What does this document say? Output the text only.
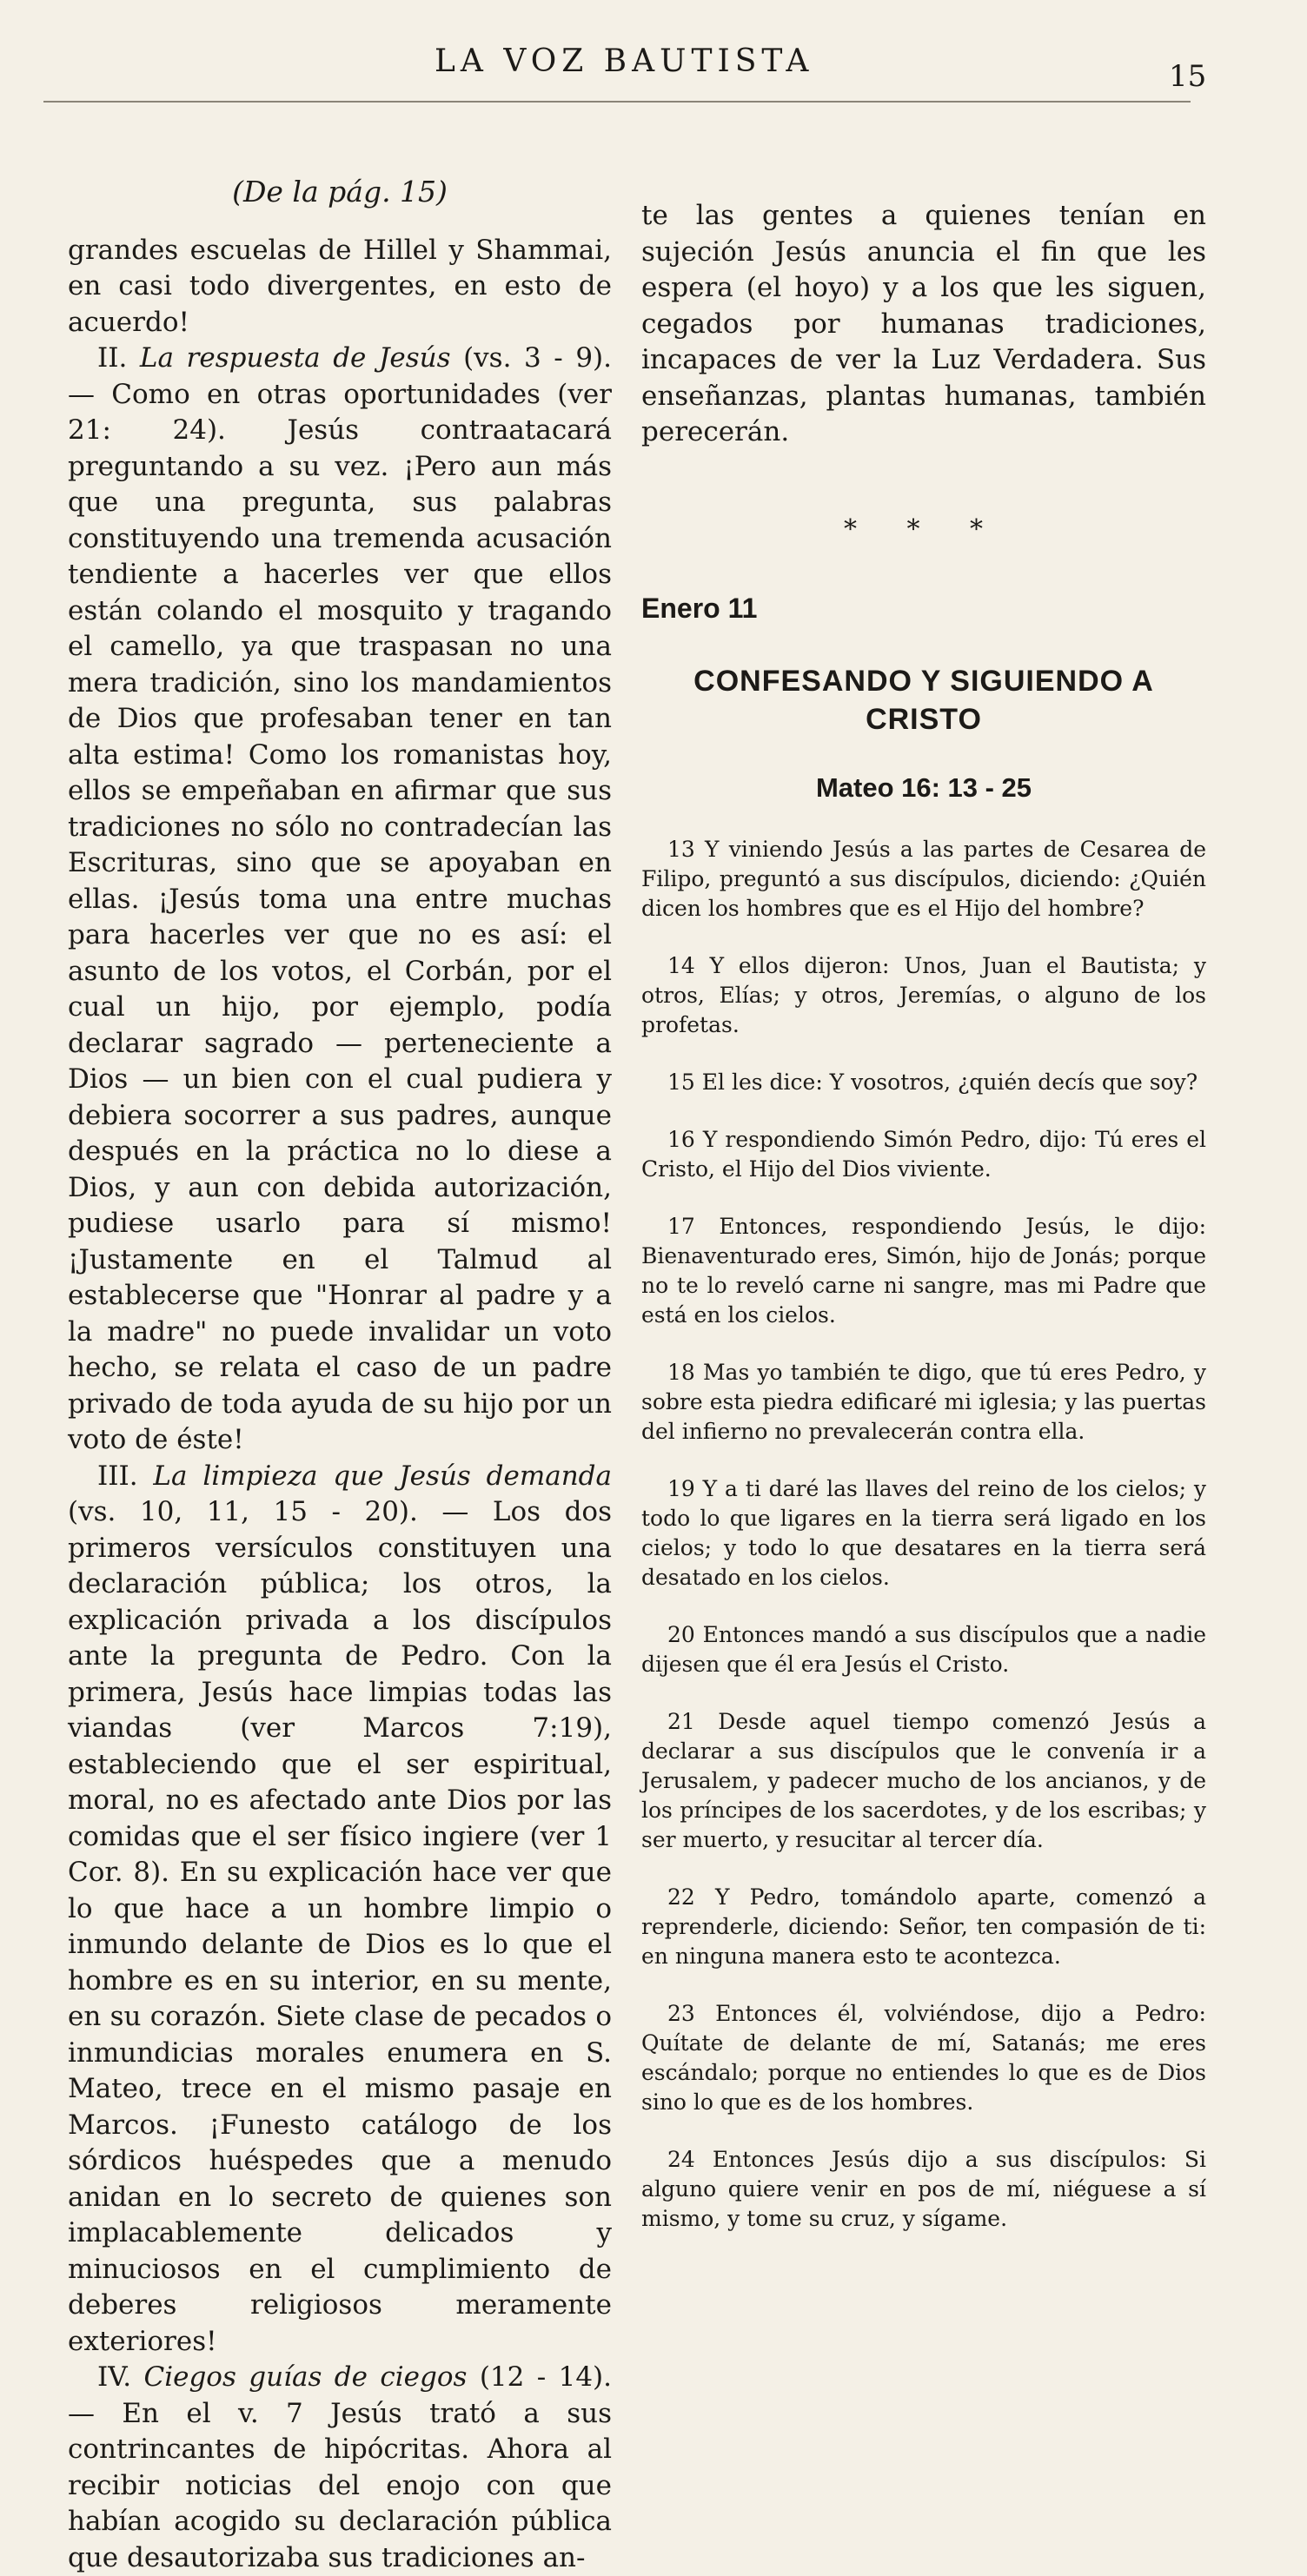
LA VOZ BAUTISTA	15

(De la pág. 15)

grandes escuelas de Hillel y Shammai, en casi todo divergentes, en esto de acuerdo!

II. La respuesta de Jesús (vs. 3 - 9). — Como en otras oportunidades (ver 21: 24). Jesús contraatacará preguntando a su vez. ¡Pero aun más que una pregunta, sus palabras constituyendo una tremenda acusación tendiente a hacerles ver que ellos están colando el mosquito y tragando el camello, ya que traspasan no una mera tradición, sino los mandamientos de Dios que profesaban tener en tan alta estima! Como los romanistas hoy, ellos se empeñaban en afirmar que sus tradiciones no sólo no contradecían las Escrituras, sino que se apoyaban en ellas. ¡Jesús toma una entre muchas para hacerles ver que no es así: el asunto de los votos, el Corbán, por el cual un hijo, por ejemplo, podía declarar sagrado — perteneciente a Dios — un bien con el cual pudiera y debiera socorrer a sus padres, aunque después en la práctica no lo diese a Dios, y aun con debida autorización, pudiese usarlo para sí mismo! ¡Justamente en el Talmud al establecerse que "Honrar al padre y a la madre" no puede invalidar un voto hecho, se relata el caso de un padre privado de toda ayuda de su hijo por un voto de éste!

III. La limpieza que Jesús demanda (vs. 10, 11, 15 - 20). — Los dos primeros versículos constituyen una declaración pública; los otros, la explicación privada a los discípulos ante la pregunta de Pedro. Con la primera, Jesús hace limpias todas las viandas (ver Marcos 7:19), estableciendo que el ser espiritual, moral, no es afectado ante Dios por las comidas que el ser físico ingiere (ver 1 Cor. 8). En su explicación hace ver que lo que hace a un hombre limpio o inmundo delante de Dios es lo que el hombre es en su interior, en su mente, en su corazón. Siete clase de pecados o inmundicias morales enumera en S. Mateo, trece en el mismo pasaje en Marcos. ¡Funesto catálogo de los sórdicos huéspedes que a menudo anidan en lo secreto de quienes son implacablemente delicados y minuciosos en el cumplimiento de deberes religiosos meramente exteriores!

IV. Ciegos guías de ciegos (12 - 14). — En el v. 7 Jesús trató a sus contrincantes de hipócritas. Ahora al recibir noticias del enojo con que habían acogido su declaración pública que desautorizaba sus tradiciones an-

te las gentes a quienes tenían en sujeción Jesús anuncia el fin que les espera (el hoyo) y a los que les siguen, cegados por humanas tradiciones, incapaces de ver la Luz Verdadera. Sus enseñanzas, plantas humanas, también perecerán.

* * *
Enero 11
CONFESANDO Y SIGUIENDO A CRISTO
Mateo 16: 13 - 25

13 Y viniendo Jesús a las partes de Cesarea de Filipo, preguntó a sus discípulos, diciendo: ¿Quién dicen los hombres que es el Hijo del hombre?

14 Y ellos dijeron: Unos, Juan el Bautista; y otros, Elías; y otros, Jeremías, o alguno de los profetas.

15 El les dice: Y vosotros, ¿quién decís que soy?

16 Y respondiendo Simón Pedro, dijo: Tú eres el Cristo, el Hijo del Dios viviente.

17 Entonces, respondiendo Jesús, le dijo: Bienaventurado eres, Simón, hijo de Jonás; porque no te lo reveló carne ni sangre, mas mi Padre que está en los cielos.

18 Mas yo también te digo, que tú eres Pedro, y sobre esta piedra edificaré mi iglesia; y las puertas del infierno no prevalecerán contra ella.

19 Y a ti daré las llaves del reino de los cielos; y todo lo que ligares en la tierra será ligado en los cielos; y todo lo que desatares en la tierra será desatado en los cielos.

20 Entonces mandó a sus discípulos que a nadie dijesen que él era Jesús el Cristo.

21 Desde aquel tiempo comenzó Jesús a declarar a sus discípulos que le convenía ir a Jerusalem, y padecer mucho de los ancianos, y de los príncipes de los sacerdotes, y de los escribas; y ser muerto, y resucitar al tercer día.

22 Y Pedro, tomándolo aparte, comenzó a reprenderle, diciendo: Señor, ten compasión de ti: en ninguna manera esto te acontezca.

23 Entonces él, volviéndose, dijo a Pedro: Quítate de delante de mí, Satanás; me eres escándalo; porque no entiendes lo que es de Dios sino lo que es de los hombres.

24 Entonces Jesús dijo a sus discípulos: Si alguno quiere venir en pos de mí, niéguese a sí mismo, y tome su cruz, y sígame.
